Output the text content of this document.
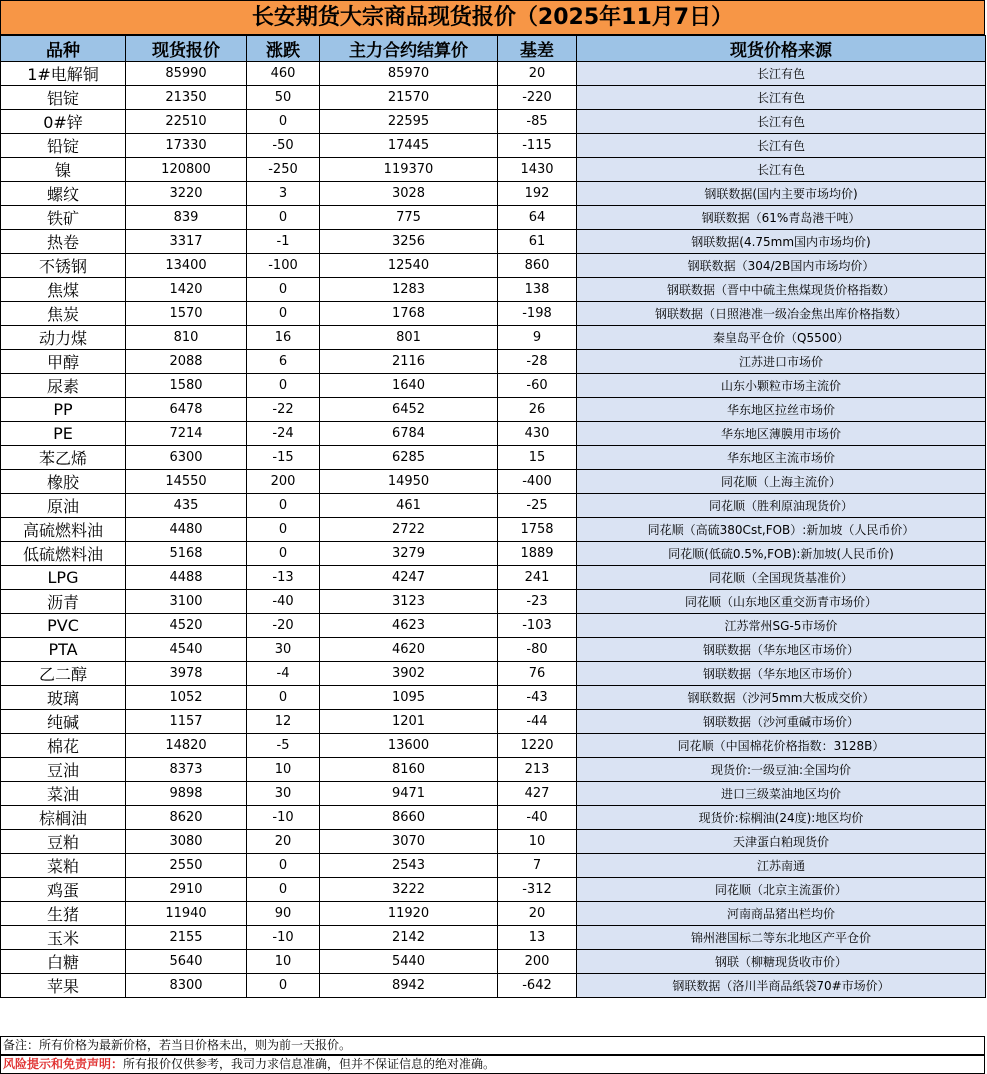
长安期货大宗商品现货报价（2025年11月7日）
品种	现货报价	涨跌	主力合约结算价	基差	现货价格来源
1#电解铜	85990	460	85970	20	长江有色
铝锭	21350	50	21570	-220	长江有色
0#锌	22510	0	22595	-85	长江有色
铅锭	17330	-50	17445	-115	长江有色
镍	120800	-250	119370	1430	长江有色
螺纹	3220	3	3028	192	钢联数据(国内主要市场均价)
铁矿	839	0	775	64	钢联数据（61%青岛港干吨）
热卷	3317	-1	3256	61	钢联数据(4.75mm国内市场均价)
不锈钢	13400	-100	12540	860	钢联数据（304/2B国内市场均价）
焦煤	1420	0	1283	138	钢联数据（晋中中硫主焦煤现货价格指数）
焦炭	1570	0	1768	-198	钢联数据（日照港准一级冶金焦出库价格指数）
动力煤	810	16	801	9	秦皇岛平仓价（Q5500）
甲醇	2088	6	2116	-28	江苏进口市场价
尿素	1580	0	1640	-60	山东小颗粒市场主流价
PP	6478	-22	6452	26	华东地区拉丝市场价
PE	7214	-24	6784	430	华东地区薄膜用市场价
苯乙烯	6300	-15	6285	15	华东地区主流市场价
橡胶	14550	200	14950	-400	同花顺（上海主流价）
原油	435	0	461	-25	同花顺（胜利原油现货价）
高硫燃料油	4480	0	2722	1758	同花顺（高硫380Cst,FOB）:新加坡（人民币价）
低硫燃料油	5168	0	3279	1889	同花顺(低硫0.5%,FOB):新加坡(人民币价)
LPG	4488	-13	4247	241	同花顺（全国现货基准价）
沥青	3100	-40	3123	-23	同花顺（山东地区重交沥青市场价）
PVC	4520	-20	4623	-103	江苏常州SG-5市场价
PTA	4540	30	4620	-80	钢联数据（华东地区市场价）
乙二醇	3978	-4	3902	76	钢联数据（华东地区市场价）
玻璃	1052	0	1095	-43	钢联数据（沙河5mm大板成交价）
纯碱	1157	12	1201	-44	钢联数据（沙河重碱市场价）
棉花	14820	-5	13600	1220	同花顺（中国棉花价格指数：3128B）
豆油	8373	10	8160	213	现货价:一级豆油:全国均价
菜油	9898	30	9471	427	进口三级菜油地区均价
棕榈油	8620	-10	8660	-40	现货价:棕榈油(24度):地区均价
豆粕	3080	20	3070	10	天津蛋白粕现货价
菜粕	2550	0	2543	7	江苏南通
鸡蛋	2910	0	3222	-312	同花顺（北京主流蛋价）
生猪	11940	90	11920	20	河南商品猪出栏均价
玉米	2155	-10	2142	13	锦州港国标二等东北地区产平仓价
白糖	5640	10	5440	200	钢联（柳糖现货收市价）
苹果	8300	0	8942	-642	钢联数据（洛川半商品纸袋70#市场价）
备注：所有价格为最新价格，若当日价格未出，则为前一天报价。
风险提示和免责声明：所有报价仅供参考，我司力求信息准确，但并不保证信息的绝对准确。
